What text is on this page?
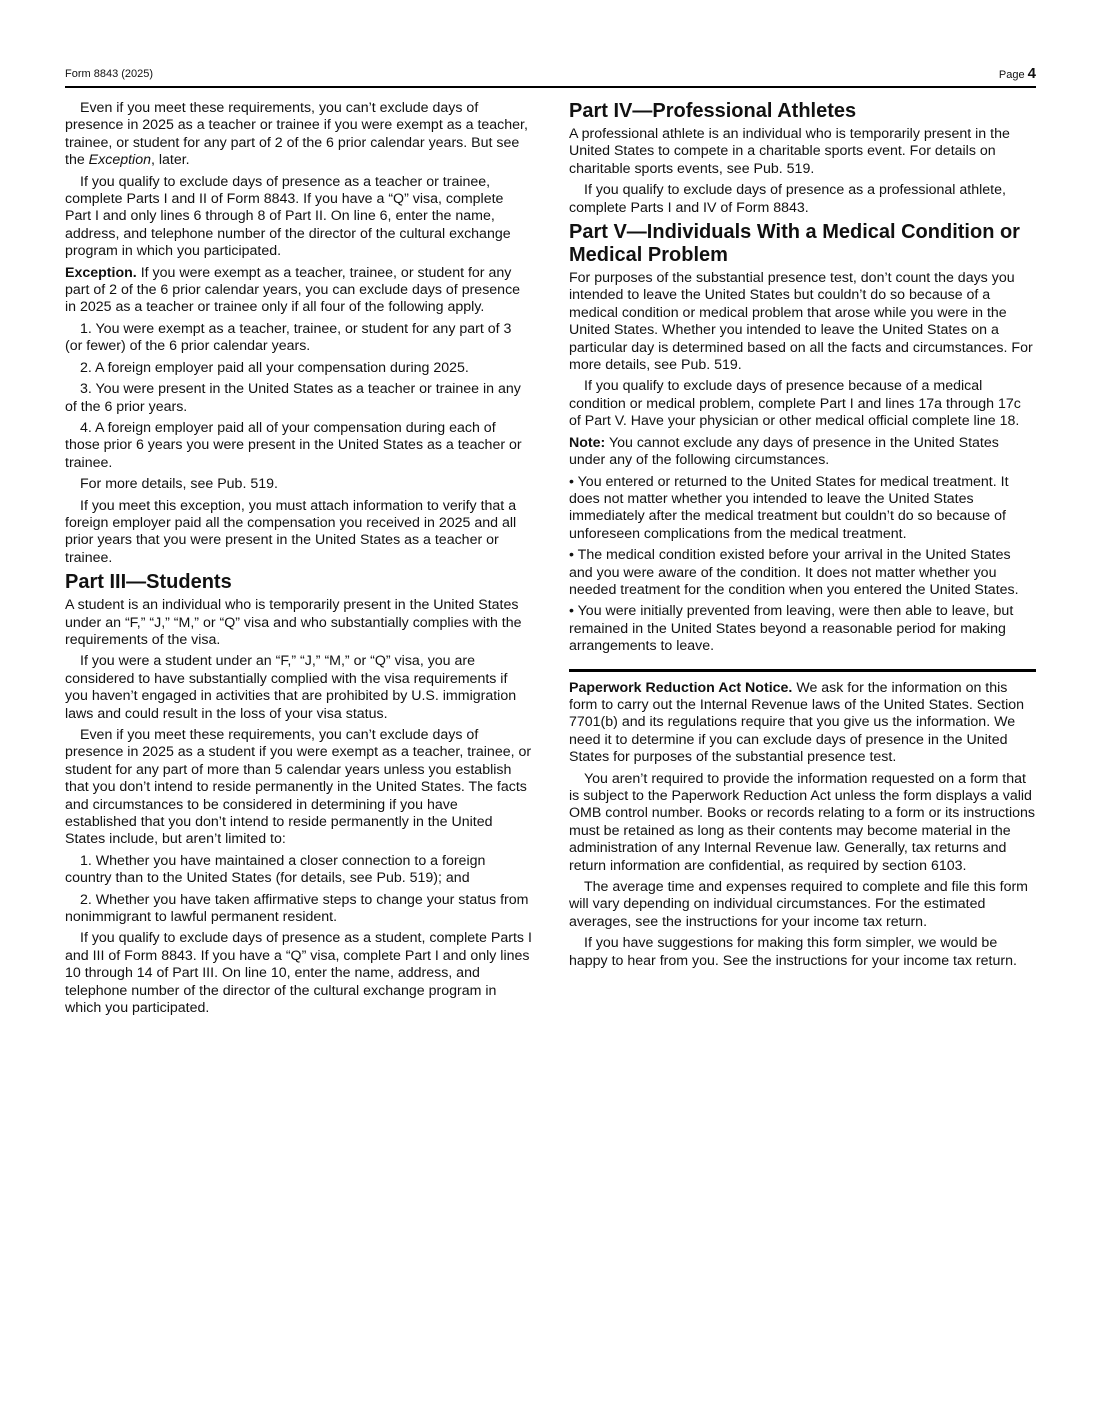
Form 8843 (2025)	Page 4

Even if you meet these requirements, you can’t exclude days of presence in 2025 as a teacher or trainee if you were exempt as a teacher, trainee, or student for any part of 2 of the 6 prior calendar years. But see the Exception, later.

If you qualify to exclude days of presence as a teacher or trainee, complete Parts I and II of Form 8843. If you have a “Q” visa, complete Part I and only lines 6 through 8 of Part II. On line 6, enter the name, address, and telephone number of the director of the cultural exchange program in which you participated.

Exception. If you were exempt as a teacher, trainee, or student for any part of 2 of the 6 prior calendar years, you can exclude days of presence in 2025 as a teacher or trainee only if all four of the following apply.

1. You were exempt as a teacher, trainee, or student for any part of 3 (or fewer) of the 6 prior calendar years.

2. A foreign employer paid all your compensation during 2025.

3. You were present in the United States as a teacher or trainee in any of the 6 prior years.

4. A foreign employer paid all of your compensation during each of those prior 6 years you were present in the United States as a teacher or trainee.

For more details, see Pub. 519.

If you meet this exception, you must attach information to verify that a foreign employer paid all the compensation you received in 2025 and all prior years that you were present in the United States as a teacher or trainee.

Part III—Students

A student is an individual who is temporarily present in the United States under an “F,” “J,” “M,” or “Q” visa and who substantially complies with the requirements of the visa.

If you were a student under an “F,” “J,” “M,” or “Q” visa, you are considered to have substantially complied with the visa requirements if you haven’t engaged in activities that are prohibited by U.S. immigration laws and could result in the loss of your visa status.

Even if you meet these requirements, you can’t exclude days of presence in 2025 as a student if you were exempt as a teacher, trainee, or student for any part of more than 5 calendar years unless you establish that you don’t intend to reside permanently in the United States. The facts and circumstances to be considered in determining if you have established that you don’t intend to reside permanently in the United States include, but aren’t limited to:

1. Whether you have maintained a closer connection to a foreign country than to the United States (for details, see Pub. 519); and

2. Whether you have taken affirmative steps to change your status from nonimmigrant to lawful permanent resident.

If you qualify to exclude days of presence as a student, complete Parts I and III of Form 8843. If you have a “Q” visa, complete Part I and only lines 10 through 14 of Part III. On line 10, enter the name, address, and telephone number of the director of the cultural exchange program in which you participated.

Part IV—Professional Athletes

A professional athlete is an individual who is temporarily present in the United States to compete in a charitable sports event. For details on charitable sports events, see Pub. 519.

If you qualify to exclude days of presence as a professional athlete, complete Parts I and IV of Form 8843.

Part V—Individuals With a Medical Condition or Medical Problem

For purposes of the substantial presence test, don’t count the days you intended to leave the United States but couldn’t do so because of a medical condition or medical problem that arose while you were in the United States. Whether you intended to leave the United States on a particular day is determined based on all the facts and circumstances. For more details, see Pub. 519.

If you qualify to exclude days of presence because of a medical condition or medical problem, complete Part I and lines 17a through 17c of Part V. Have your physician or other medical official complete line 18.

Note: You cannot exclude any days of presence in the United States under any of the following circumstances.

• You entered or returned to the United States for medical treatment. It does not matter whether you intended to leave the United States immediately after the medical treatment but couldn’t do so because of unforeseen complications from the medical treatment.

• The medical condition existed before your arrival in the United States and you were aware of the condition. It does not matter whether you needed treatment for the condition when you entered the United States.

• You were initially prevented from leaving, were then able to leave, but remained in the United States beyond a reasonable period for making arrangements to leave.

Paperwork Reduction Act Notice. We ask for the information on this form to carry out the Internal Revenue laws of the United States. Section 7701(b) and its regulations require that you give us the information. We need it to determine if you can exclude days of presence in the United States for purposes of the substantial presence test.

You aren’t required to provide the information requested on a form that is subject to the Paperwork Reduction Act unless the form displays a valid OMB control number. Books or records relating to a form or its instructions must be retained as long as their contents may become material in the administration of any Internal Revenue law. Generally, tax returns and return information are confidential, as required by section 6103.

The average time and expenses required to complete and file this form will vary depending on individual circumstances. For the estimated averages, see the instructions for your income tax return.

If you have suggestions for making this form simpler, we would be happy to hear from you. See the instructions for your income tax return.
